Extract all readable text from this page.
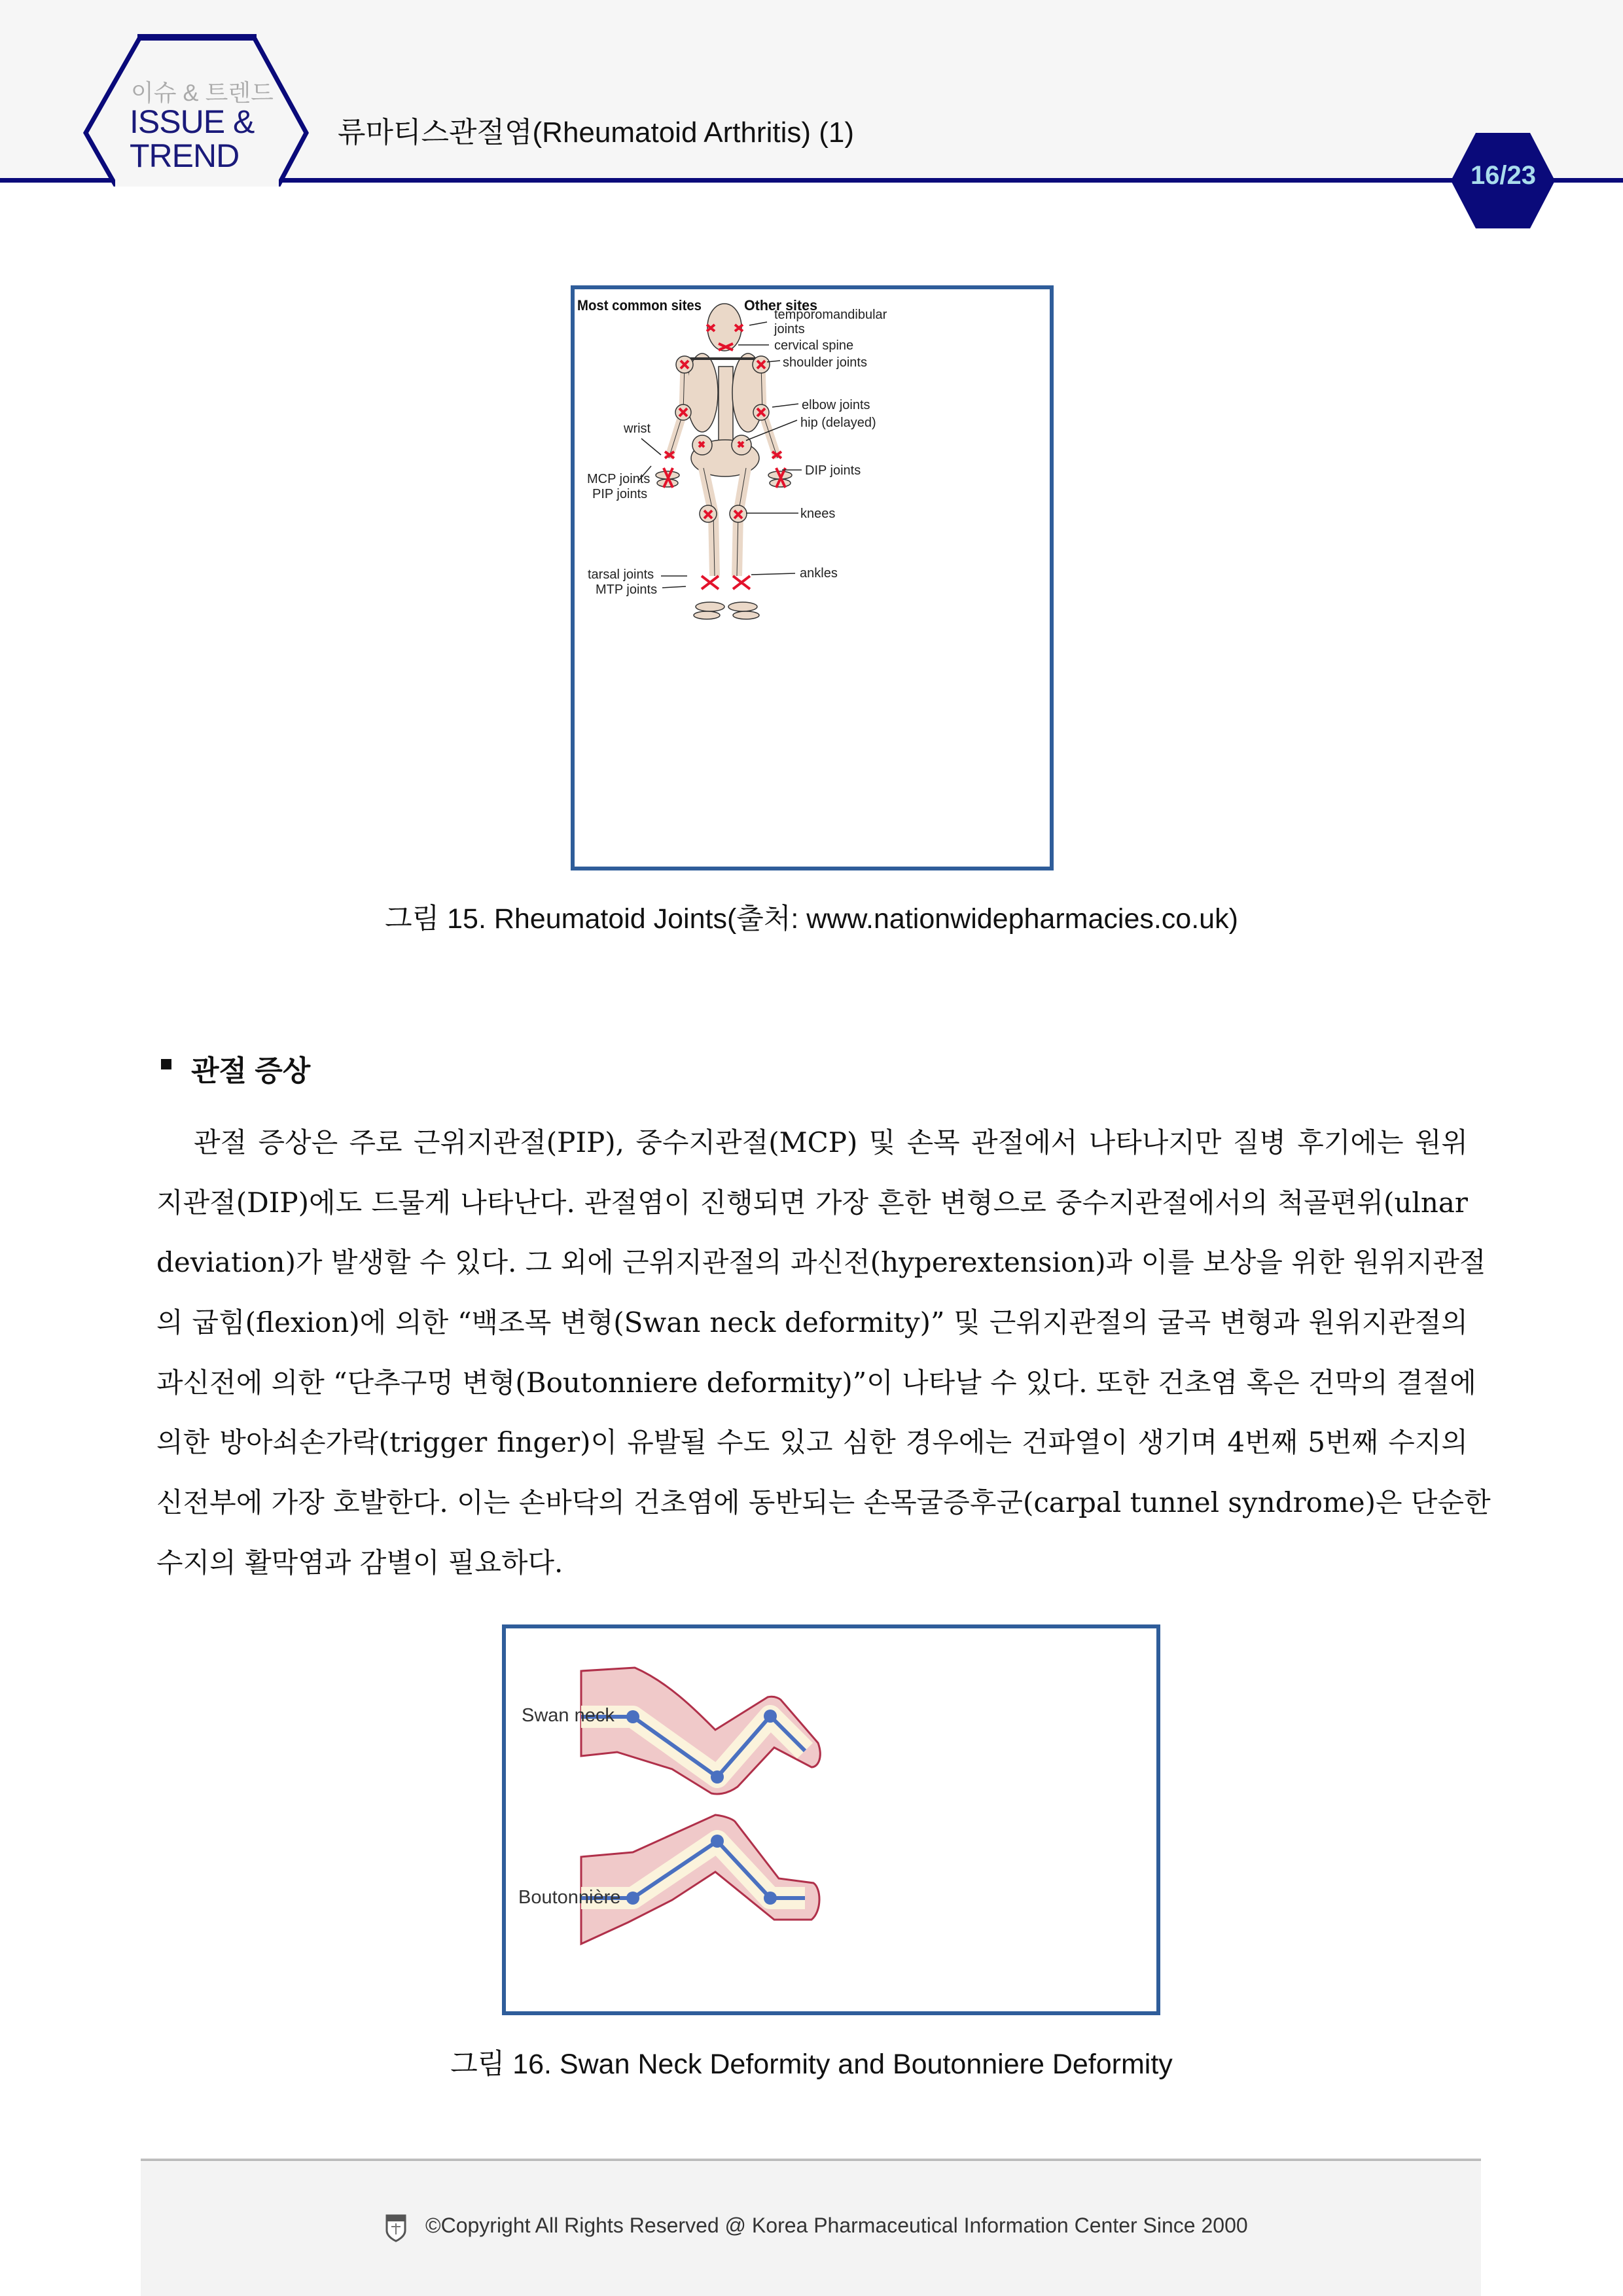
이슈 & 트렌드
ISSUE &
TREND
류마티스관절염(Rheumatoid Arthritis) (1)
16/23
Most common sites	Other sites
temporomandibular
joints
cervical spine
shoulder joints
elbow joints
hip (delayed)
wrist
DIP joints
MCP joints
PIP joints
knees
tarsal joints
MTP joints
ankles
그림 15. Rheumatoid Joints(출처: www.nationwidepharmacies.co.uk)
관절 증상
관절 증상은 주로 근위지관절(PIP), 중수지관절(MCP) 및 손목 관절에서 나타나지만 질병 후기에는 원위
지관절(DIP)에도 드물게 나타난다. 관절염이 진행되면 가장 흔한 변형으로 중수지관절에서의 척골편위(ulnar
deviation)가 발생할 수 있다. 그 외에 근위지관절의 과신전(hyperextension)과 이를 보상을 위한 원위지관절
의 굽힘(flexion)에 의한 “백조목 변형(Swan neck deformity)” 및 근위지관절의 굴곡 변형과 원위지관절의
과신전에 의한 “단추구멍 변형(Boutonniere deformity)”이 나타날 수 있다. 또한 건초염 혹은 건막의 결절에
의한 방아쇠손가락(trigger finger)이 유발될 수도 있고 심한 경우에는 건파열이 생기며 4번째 5번째 수지의
신전부에 가장 호발한다. 이는 손바닥의 건초염에 동반되는 손목굴증후군(carpal tunnel syndrome)은 단순한
수지의 활막염과 감별이 필요하다.
Swan neck
Boutonnière
그림 16. Swan Neck Deformity and Boutonniere Deformity
©Copyright All Rights Reserved @ Korea Pharmaceutical Information Center Since 2000
